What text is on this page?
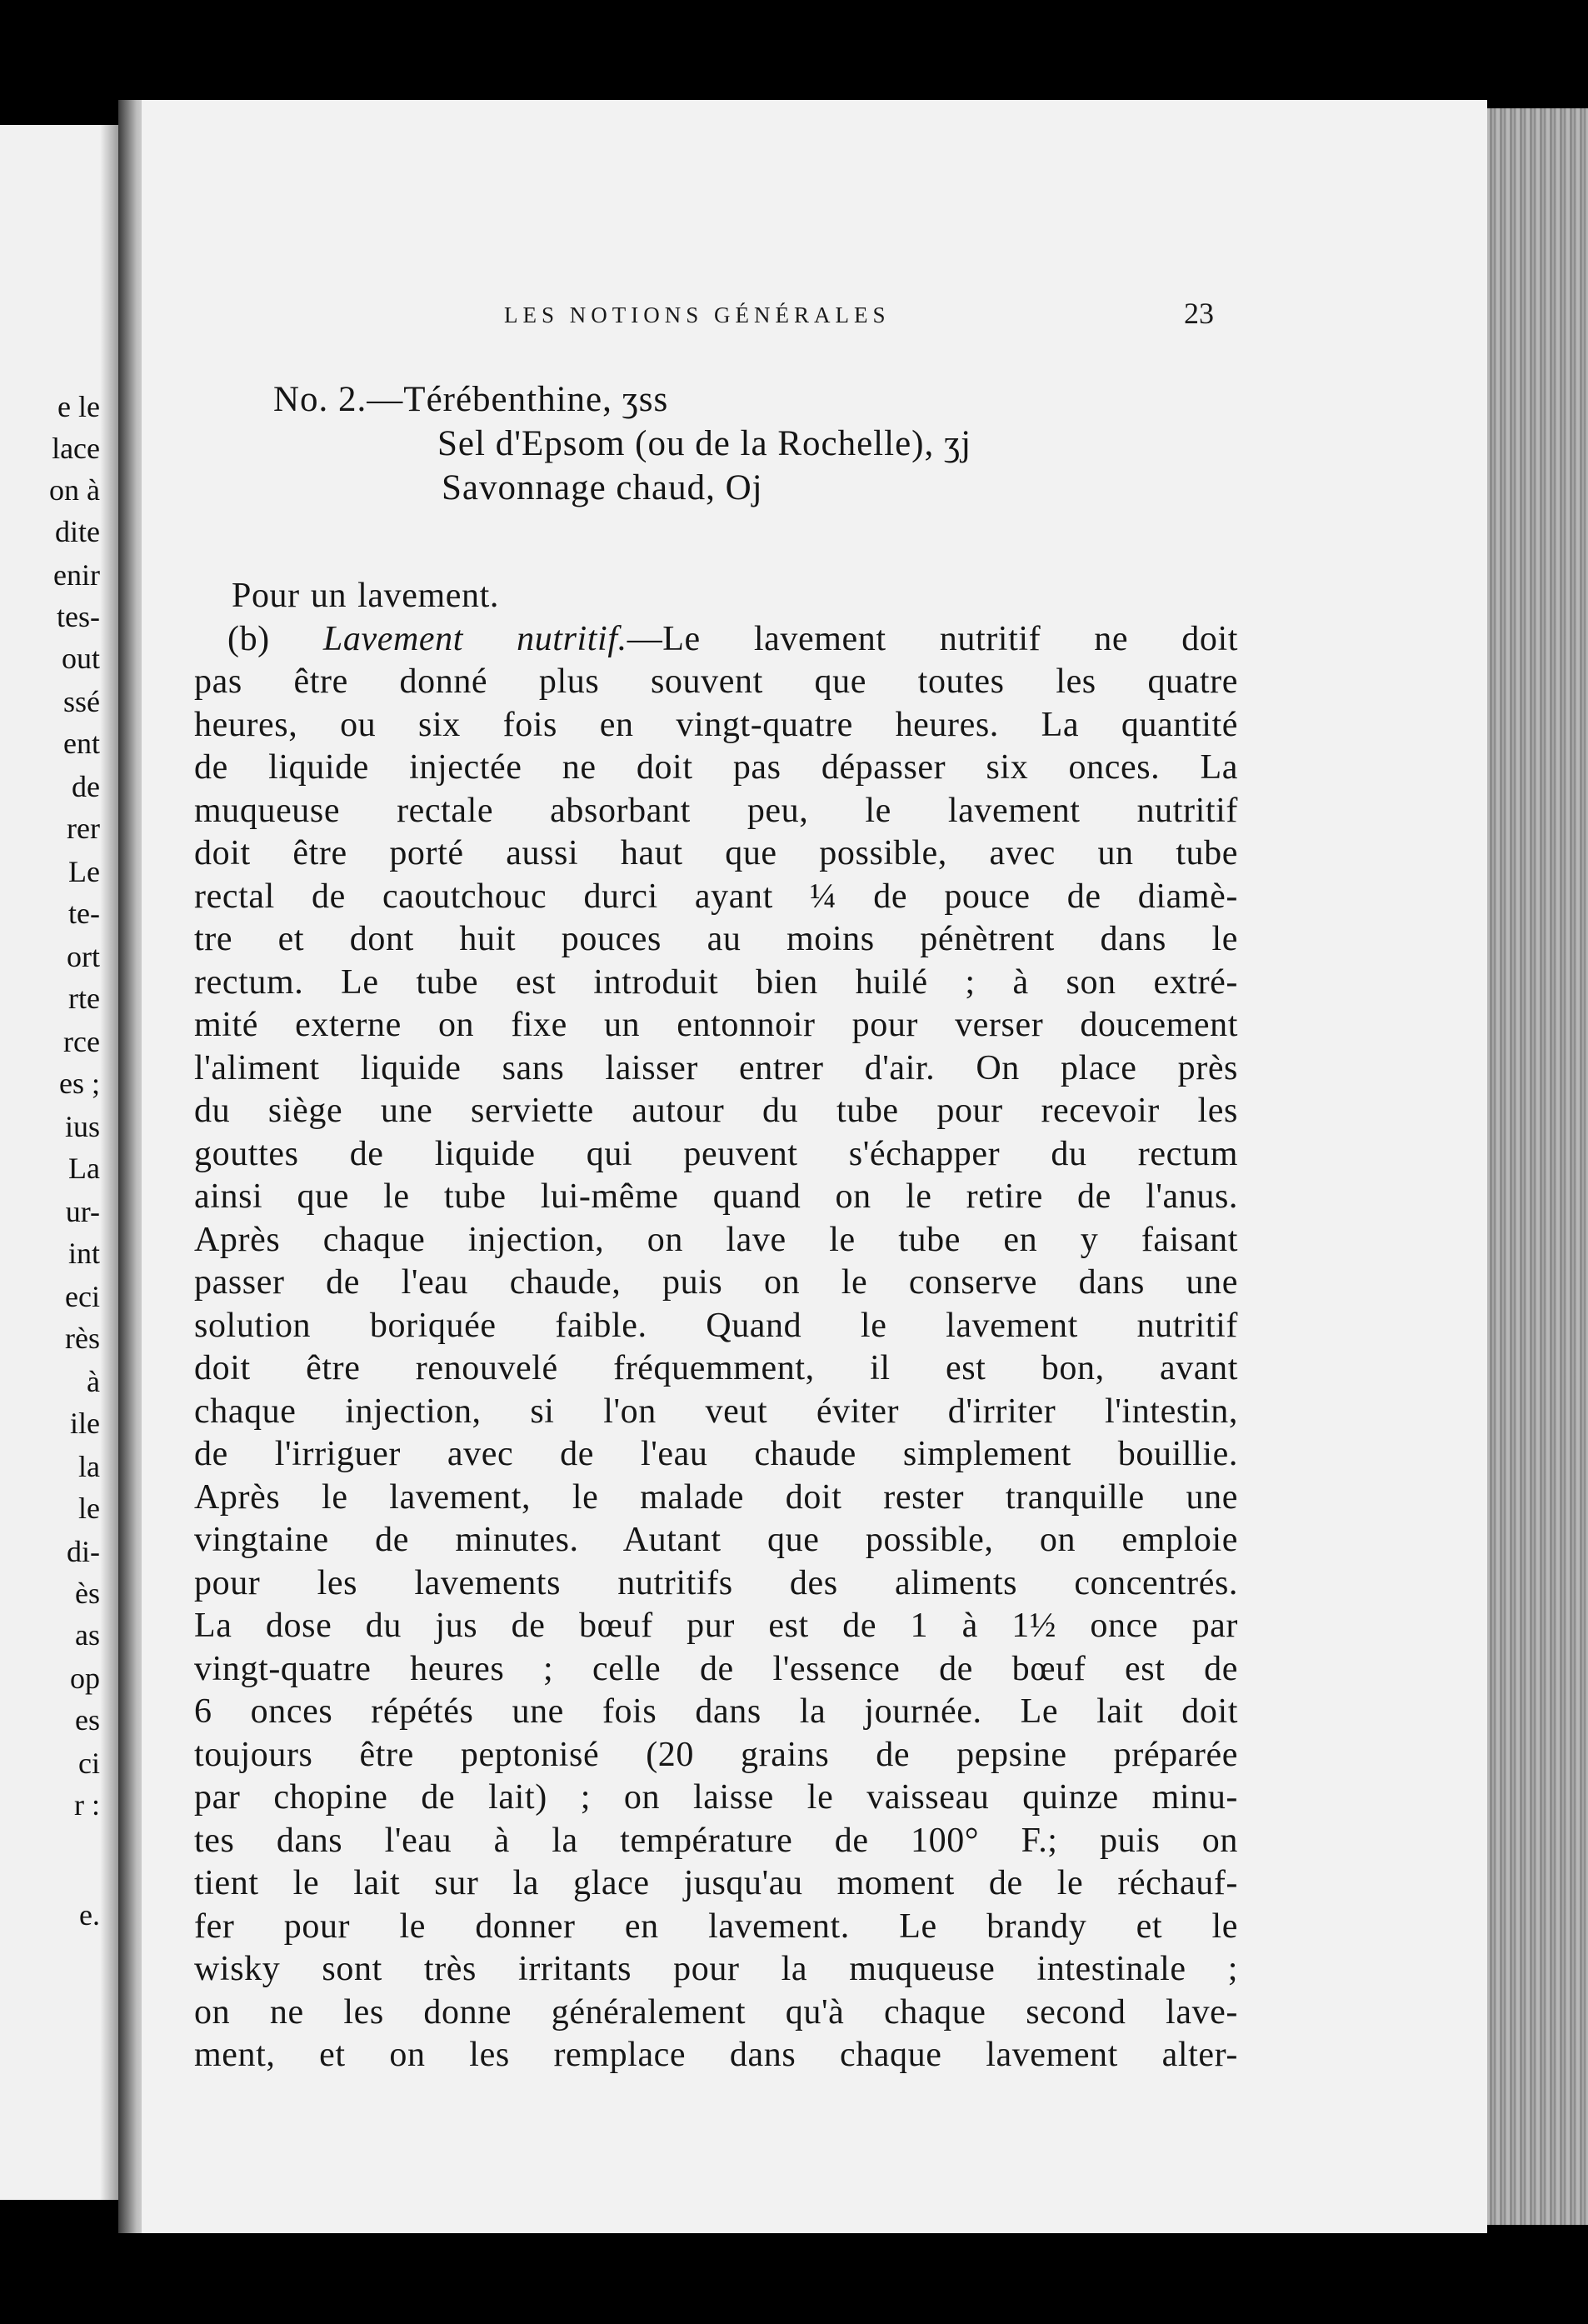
e le
lace
on à
dite
enir
tes-
out
ssé
ent
de
rer
Le
te-
ort
rte
rce
es ;
ius
La
ur-
int
eci
rès
à
ile
la
le
di-
ès
as
op
es
ci
r :
e.
LES NOTIONS GÉNÉRALES	23
No. 2.—Térébenthine, ʒss
Sel d'Epsom (ou de la Rochelle), ʒj
Savonnage chaud, Oj
Pour un lavement.
(b) Lavement nutritif.—Le lavement nutritif ne doit
pas être donné plus souvent que toutes les quatre
heures, ou six fois en vingt-quatre heures. La quantité
de liquide injectée ne doit pas dépasser six onces. La
muqueuse rectale absorbant peu, le lavement nutritif
doit être porté aussi haut que possible, avec un tube
rectal de caoutchouc durci ayant ¼ de pouce de diamè-
tre et dont huit pouces au moins pénètrent dans le
rectum. Le tube est introduit bien huilé ; à son extré-
mité externe on fixe un entonnoir pour verser doucement
l'aliment liquide sans laisser entrer d'air. On place près
du siège une serviette autour du tube pour recevoir les
gouttes de liquide qui peuvent s'échapper du rectum
ainsi que le tube lui-même quand on le retire de l'anus.
Après chaque injection, on lave le tube en y faisant
passer de l'eau chaude, puis on le conserve dans une
solution boriquée faible. Quand le lavement nutritif
doit être renouvelé fréquemment, il est bon, avant
chaque injection, si l'on veut éviter d'irriter l'intestin,
de l'irriguer avec de l'eau chaude simplement bouillie.
Après le lavement, le malade doit rester tranquille une
vingtaine de minutes. Autant que possible, on emploie
pour les lavements nutritifs des aliments concentrés.
La dose du jus de bœuf pur est de 1 à 1½ once par
vingt-quatre heures ; celle de l'essence de bœuf est de
6 onces répétés une fois dans la journée. Le lait doit
toujours être peptonisé (20 grains de pepsine préparée
par chopine de lait) ; on laisse le vaisseau quinze minu-
tes dans l'eau à la température de 100° F.; puis on
tient le lait sur la glace jusqu'au moment de le réchauf-
fer pour le donner en lavement. Le brandy et le
wisky sont très irritants pour la muqueuse intestinale ;
on ne les donne généralement qu'à chaque second lave-
ment, et on les remplace dans chaque lavement alter-
